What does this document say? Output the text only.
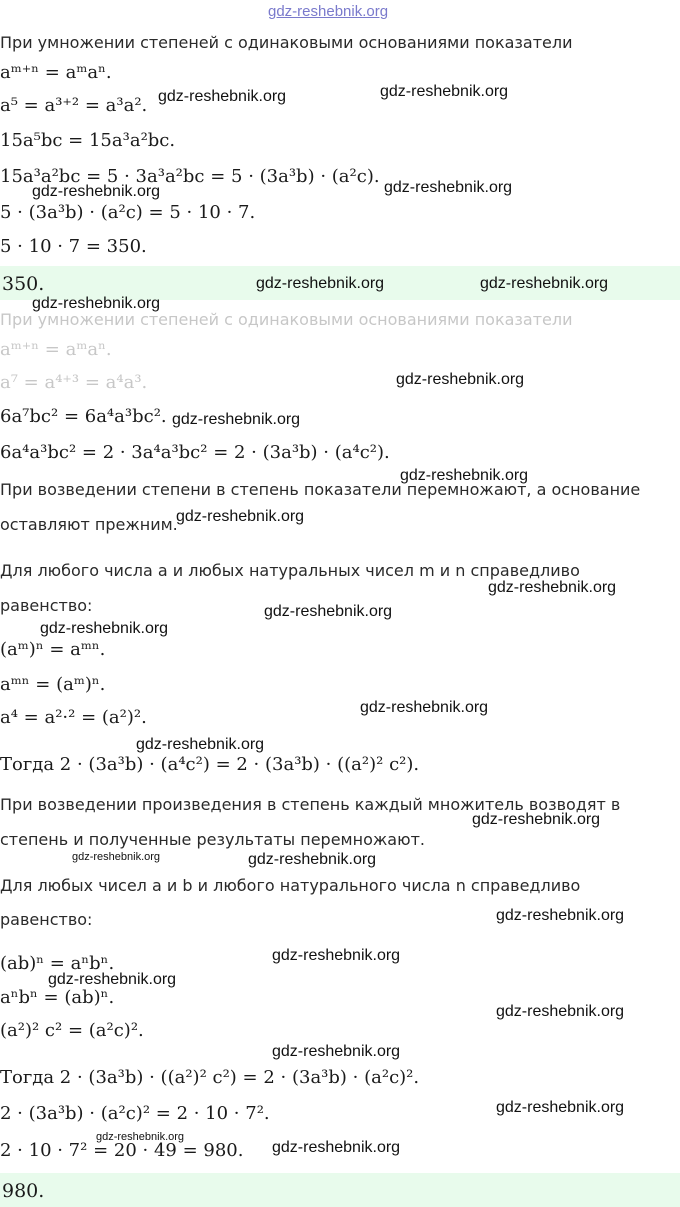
gdz-reshebnik.org
При умножении степеней с одинаковыми основаниями показатели
aᵐ⁺ⁿ = aᵐaⁿ.
a⁵ = a³⁺² = a³a².
15a⁵bc = 15a³a²bc.
15a³a²bc = 5 · 3a³a²bc = 5 · (3a³b) · (a²c).
5 · (3a³b) · (a²c) = 5 · 10 · 7.
5 · 10 · 7 = 350.
350.
При умножении степеней с одинаковыми основаниями показатели
aᵐ⁺ⁿ = aᵐaⁿ.
a⁷ = a⁴⁺³ = a⁴a³.
6a⁷bc² = 6a⁴a³bc².
6a⁴a³bc² = 2 · 3a⁴a³bc² = 2 · (3a³b) · (a⁴c²).
При возведении степени в степень показатели перемножают, а основание
оставляют прежним.
Для любого числа a и любых натуральных чисел m и n справедливо
равенство:
(aᵐ)ⁿ = aᵐⁿ.
aᵐⁿ = (aᵐ)ⁿ.
a⁴ = a²·² = (a²)².
Тогда 2 · (3a³b) · (a⁴c²) = 2 · (3a³b) · ((a²)² c²).
При возведении произведения в степень каждый множитель возводят в
степень и полученные результаты перемножают.
Для любых чисел a и b и любого натурального числа n справедливо
равенство:
(ab)ⁿ = aⁿbⁿ.
aⁿbⁿ = (ab)ⁿ.
(a²)² c² = (a²c)².
Тогда 2 · (3a³b) · ((a²)² c²) = 2 · (3a³b) · (a²c)².
2 · (3a³b) · (a²c)² = 2 · 10 · 7².
2 · 10 · 7² = 20 · 49 = 980.
980.
gdz-reshebnik.org	gdz-reshebnik.org
gdz-reshebnik.org	gdz-reshebnik.org
gdz-reshebnik.org	gdz-reshebnik.org
gdz-reshebnik.org
gdz-reshebnik.org
gdz-reshebnik.org
gdz-reshebnik.org
gdz-reshebnik.org
gdz-reshebnik.org
gdz-reshebnik.org
gdz-reshebnik.org
gdz-reshebnik.org
gdz-reshebnik.org
gdz-reshebnik.org
gdz-reshebnik.org	gdz-reshebnik.org
gdz-reshebnik.org
gdz-reshebnik.org
gdz-reshebnik.org
gdz-reshebnik.org
gdz-reshebnik.org
gdz-reshebnik.org
gdz-reshebnik.org
gdz-reshebnik.org
